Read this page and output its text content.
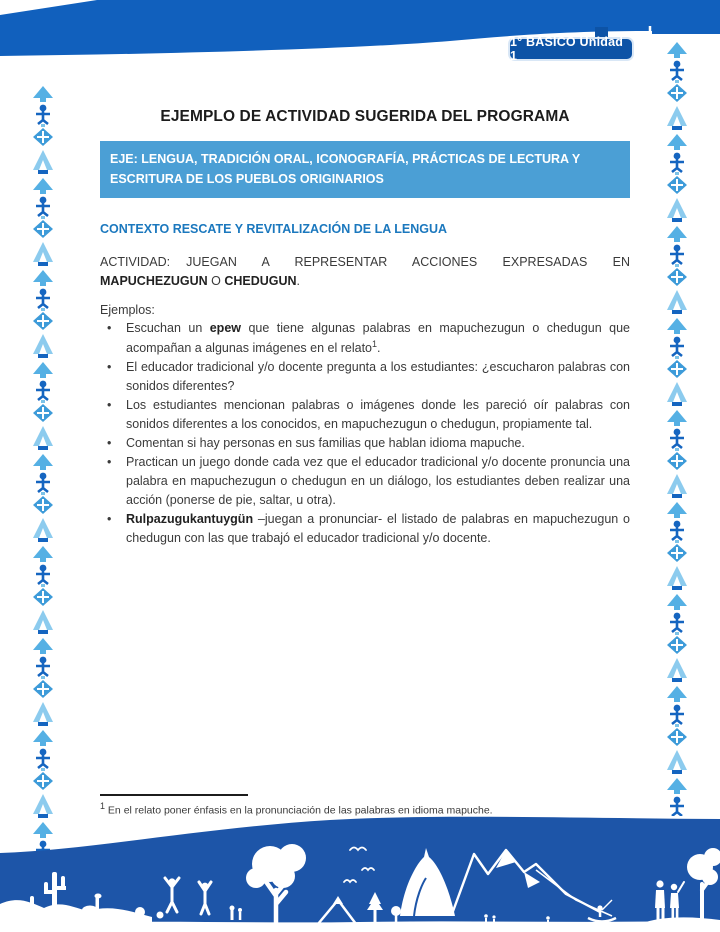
1° BÁSICO Unidad 1
EJEMPLO DE ACTIVIDAD SUGERIDA DEL PROGRAMA
EJE: LENGUA, TRADICIÓN ORAL, ICONOGRAFÍA, PRÁCTICAS DE LECTURA Y ESCRITURA DE LOS PUEBLOS ORIGINARIOS

CONTEXTO RESCATE Y REVITALIZACIÓN DE LA LENGUA

ACTIVIDAD: JUEGAN A REPRESENTAR ACCIONES EXPRESADAS EN MAPUCHEZUGUN O CHEDUGUN.

Ejemplos:

• Escuchan un epew que tiene algunas palabras en mapuchezugun o chedugun que acompañan a algunas imágenes en el relato$^1$.
• El educador tradicional y/o docente pregunta a los estudiantes: ¿escucharon palabras con sonidos diferentes?
• Los estudiantes mencionan palabras o imágenes donde les pareció oír palabras con sonidos diferentes a los conocidos, en mapuchezugun o chedugun, propiamente tal.
• Comentan si hay personas en sus familias que hablan idioma mapuche.
• Practican un juego donde cada vez que el educador tradicional y/o docente pronuncia una palabra en mapuchezugun o chedugun en un diálogo, los estudiantes deben realizar una acción (ponerse de pie, saltar, u otra).
• Rulpazugukantuygün –juegan a pronunciar- el listado de palabras en mapuchezugun o chedugun con las que trabajó el educador tradicional y/o docente.

$^1$ En el relato poner énfasis en la pronunciación de las palabras en idioma mapuche.
